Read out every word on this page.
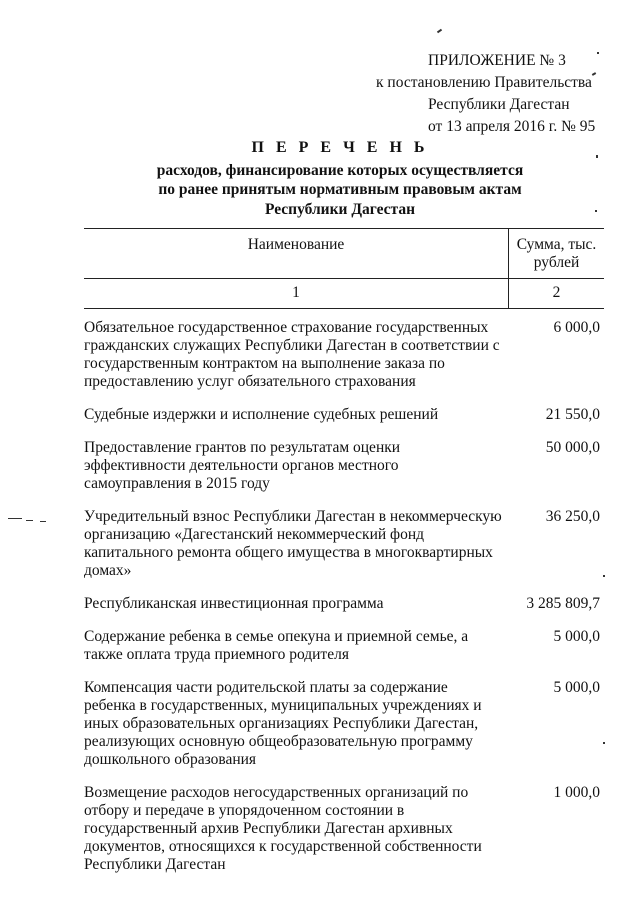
ПРИЛОЖЕНИЕ № 3
к постановлению Правительства
Республики Дагестан
от 13 апреля 2016 г. № 95
П Е Р Е Ч Е Н Ь
расходов, финансирование которых осуществляется
по ранее принятым нормативным правовым актам
Республики Дагестан
Наименование	Сумма, тыс. рублей
1	2
Обязательное государственное страхование государственных гражданских служащих Республики Дагестан в соответствии с государственным контрактом на выполнение заказа по предоставлению услуг обязательного страхования	6 000,0
Судебные издержки и исполнение судебных решений	21 550,0
Предоставление грантов по результатам оценки эффективности деятельности органов местного самоуправления в 2015 году	50 000,0
Учредительный взнос Республики Дагестан в некоммерческую организацию «Дагестанский некоммерческий фонд капитального ремонта общего имущества в многоквартирных домах»	36 250,0
Республиканская инвестиционная программа	3 285 809,7
Содержание ребенка в семье опекуна и приемной семье, а также оплата труда приемного родителя	5 000,0
Компенсация части родительской платы за содержание ребенка в государственных, муниципальных учреждениях и иных образовательных организациях Республики Дагестан, реализующих основную общеобразовательную программу дошкольного образования	5 000,0
Возмещение расходов негосударственных организаций по отбору и передаче в упорядоченном состоянии в государственный архив Республики Дагестан архивных документов, относящихся к государственной собственности Республики Дагестан	1 000,0
